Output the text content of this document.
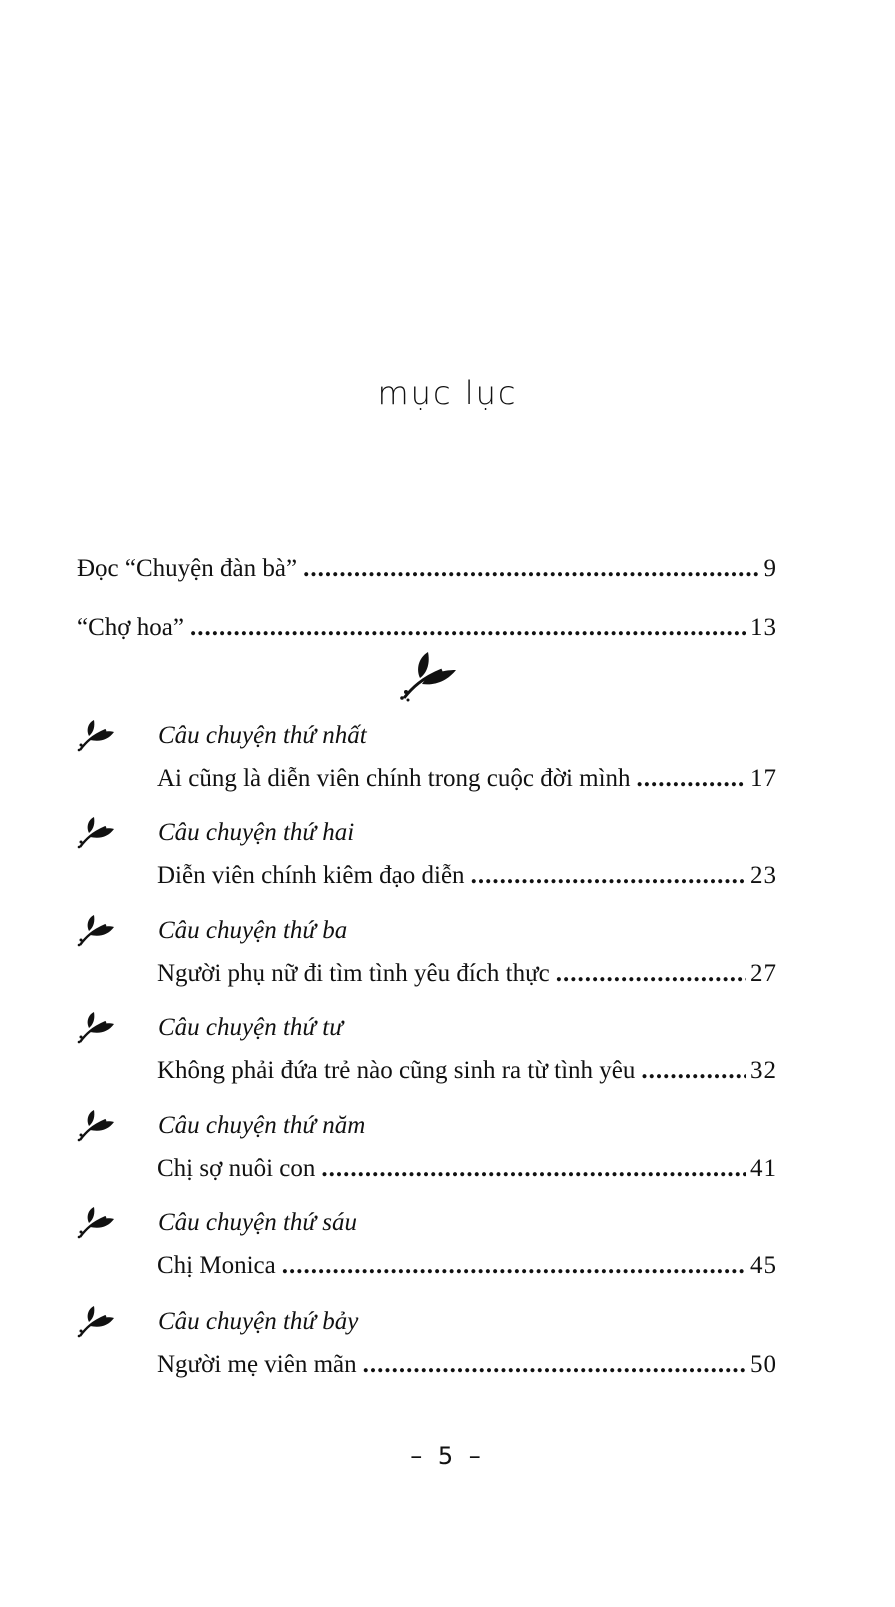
mục lục
Đọc “Chuyện đàn bà” .....	9
“Chợ hoa” .....	13
Câu chuyện thứ nhất
Ai cũng là diễn viên chính trong cuộc đời mình .....	17
Câu chuyện thứ hai
Diễn viên chính kiêm đạo diễn .....	23
Câu chuyện thứ ba
Người phụ nữ đi tìm tình yêu đích thực .....	27
Câu chuyện thứ tư
Không phải đứa trẻ nào cũng sinh ra từ tình yêu .....	32
Câu chuyện thứ năm
Chị sợ nuôi con .....	41
Câu chuyện thứ sáu
Chị Monica .....	45
Câu chuyện thứ bảy
Người mẹ viên mãn .....	50
– 5 –
